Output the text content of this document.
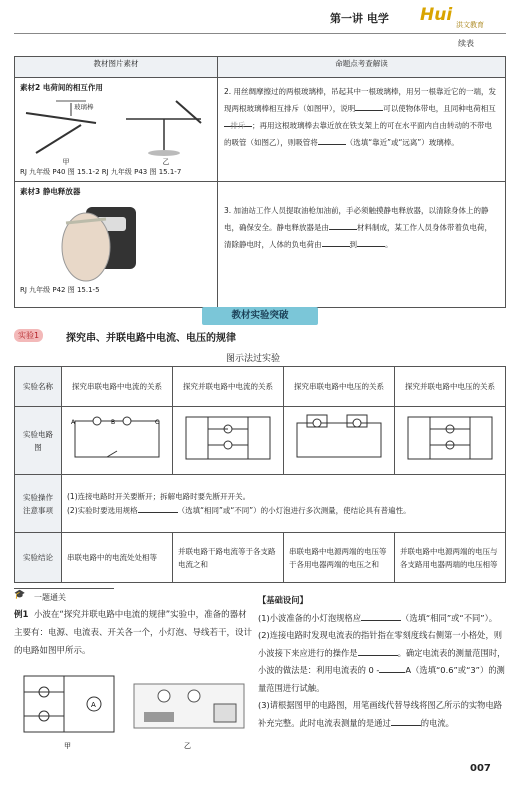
第一讲 电学 Hui 洪文教育
续表
教材图片素材	命题点考查解读

素材2 电荷间的相互作用
玻璃棒
甲 乙
RJ 九年级 P40 图 15.1-2 RJ 九年级 P43 图 15.1-7	2. 用丝绸摩擦过的两根玻璃棒，吊起其中一根玻璃棒，用另一根靠近它的一端，发现两根玻璃棒相互排斥（如图甲），说明 可以使物体带电，且同种电荷相互排斥 ；再用这根玻璃棒去靠近放在铁支架上的可在水平面内自由转动的不带电的吸管（如图乙），则吸管将 （选填“靠近”或“远离”）玻璃棒。

素材3 静电释放器
RJ 九年级 P42 图 15.1-5	3. 加油站工作人员提取油枪加油前，手必须触摸静电释放器，以清除身体上的静电，确保安全。静电释放器是由 材料制成，某工作人员身体带着负电荷，清除静电时，人体的负电荷由 到 。
教材实验突破
实验1	探究串、并联电路中电流、电压的规律
图示法过实验
实验名称	探究串联电路中电流的关系	探究并联电路中电流的关系	探究串联电路中电压的关系	探究并联电路中电压的关系
实验电路图	A B C

实验操作注意事项	(1)连接电路时开关要断开；拆解电路时要先断开开关。
(2)实验时要选用规格 （选填“相同”或“不同”）的小灯泡进行多次测量，使结论具有普遍性。			

实验结论	串联电路中的电流处处相等	并联电路干路电流等于各支路电流之和	串联电路中电源两端的电压等于各用电器两端的电压之和	并联电路中电源两端的电压与各支路用电器两端的电压相等
🎓 一题通关
例1 小波在“探究并联电路中电流的规律”实验中，准备的器材主要有：电源、电流表、开关各一个，小灯泡、导线若干，设计的电路如图甲所示。
A
甲	乙
【基础设问】
(1)小波准备的小灯泡规格应	（选填“相同”或“不同”）。
(2)连接电路时发现电流表的指针指在零刻度线右侧第一小格处，则小波接下来应进行的操作是	。确定电流表的测量范围时，小波的做法是：利用电流表的 0 -	A（选填“0.6”或“3”）的测量范围进行试触。
(3)请根据图甲的电路图，用笔画线代替导线将图乙所示的实物电路补充完整。此时电流表测量的是通过	的电流。
007
